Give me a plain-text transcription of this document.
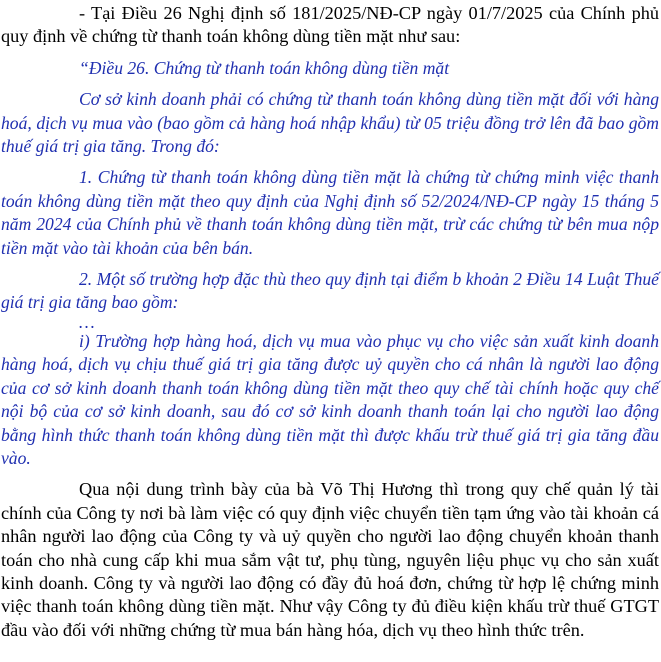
- Tại Điều 26 Nghị định số 181/2025/NĐ-CP ngày 01/7/2025 của Chính phủ quy định về chứng từ thanh toán không dùng tiền mặt như sau:

“Điều 26. Chứng từ thanh toán không dùng tiền mặt

Cơ sở kinh doanh phải có chứng từ thanh toán không dùng tiền mặt đối với hàng hoá, dịch vụ mua vào (bao gồm cả hàng hoá nhập khẩu) từ 05 triệu đồng trở lên đã bao gồm thuế giá trị gia tăng. Trong đó:

1. Chứng từ thanh toán không dùng tiền mặt là chứng từ chứng minh việc thanh toán không dùng tiền mặt theo quy định của Nghị định số 52/2024/NĐ-CP ngày 15 tháng 5 năm 2024 của Chính phủ về thanh toán không dùng tiền mặt, trừ các chứng từ bên mua nộp tiền mặt vào tài khoản của bên bán.

2. Một số trường hợp đặc thù theo quy định tại điểm b khoản 2 Điều 14 Luật Thuế giá trị gia tăng bao gồm:

…

i) Trường hợp hàng hoá, dịch vụ mua vào phục vụ cho việc sản xuất kinh doanh hàng hoá, dịch vụ chịu thuế giá trị gia tăng được uỷ quyền cho cá nhân là người lao động của cơ sở kinh doanh thanh toán không dùng tiền mặt theo quy chế tài chính hoặc quy chế nội bộ của cơ sở kinh doanh, sau đó cơ sở kinh doanh thanh toán lại cho người lao động bằng hình thức thanh toán không dùng tiền mặt thì được khấu trừ thuế giá trị gia tăng đầu vào.

Qua nội dung trình bày của bà Võ Thị Hương thì trong quy chế quản lý tài chính của Công ty nơi bà làm việc có quy định việc chuyển tiền tạm ứng vào tài khoản cá nhân người lao động của Công ty và uỷ quyền cho người lao động chuyển khoản thanh toán cho nhà cung cấp khi mua sắm vật tư, phụ tùng, nguyên liệu phục vụ cho sản xuất kinh doanh. Công ty và người lao động có đầy đủ hoá đơn, chứng từ hợp lệ chứng minh việc thanh toán không dùng tiền mặt. Như vậy Công ty đủ điều kiện khấu trừ thuế GTGT đầu vào đối với những chứng từ mua bán hàng hóa, dịch vụ theo hình thức trên.
